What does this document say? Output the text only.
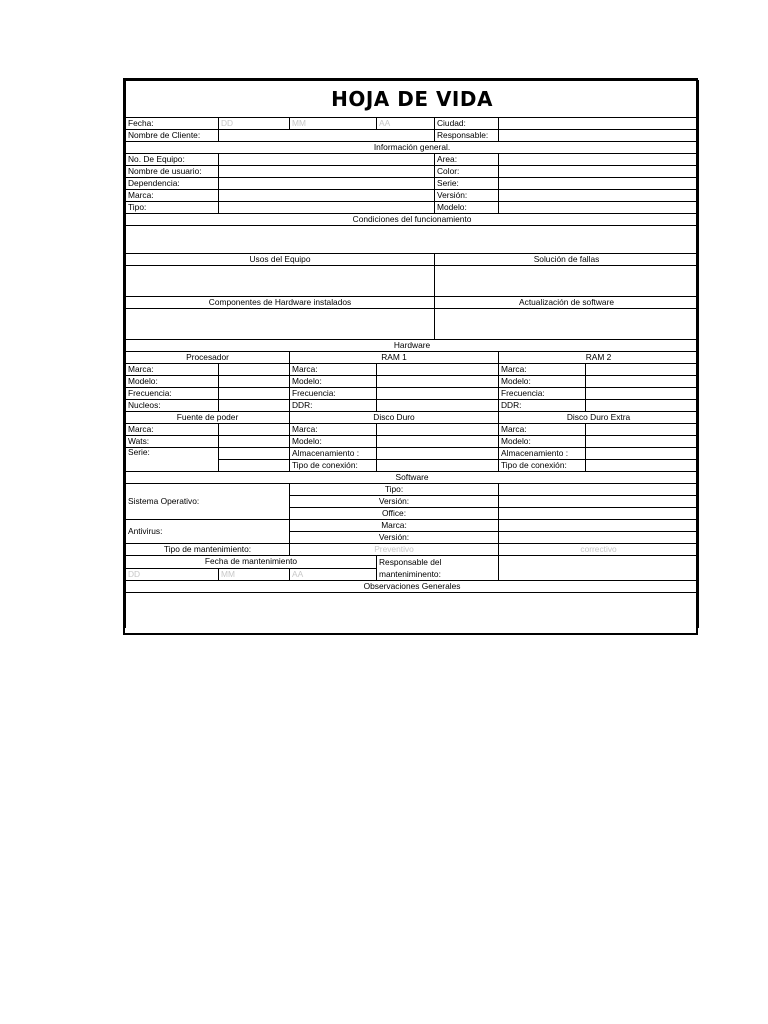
HOJA DE VIDA						
Fecha:	DD	MM	AA	Ciudad:		
Nombre de Cliente:				Responsable:		
Información general.						
No. De Equipo:				Area:		
Nombre de usuario:				Color:		
Dependencia:				Serie:		
Marca:				Versión:		
Tipo:				Modelo:		
Condiciones del funcionamiento						

Usos del Equipo				Solución de fallas		

Componentes de Hardware instalados				Actualización de software		

Hardware						
Procesador		RAM 1			RAM 2	
Marca:		Marca:			Marca:	
Modelo:		Modelo:			Modelo:	
Frecuencia:		Frecuencia:			Frecuencia:	
Nucleos:		DDR:			DDR:	
Fuente de poder		Disco Duro			Disco Duro Extra	
Marca:		Marca:			Marca:	
Wats:		Modelo:			Modelo:	
Serie:		Almacenamiento :			Almacenamiento :	
		Tipo de conexión:			Tipo de conexión:	
Software						
Sistema Operativo:		Tipo:				
		Versión:				
		Office:				
Antivirus:		Marca:				
		Versión:				
Tipo de mantenimiento:		Preventivo			correctivo	
Fecha de mantenimiento			Responsable del manteniminento:			
DD	MM	AA				
Observaciones Generales						
